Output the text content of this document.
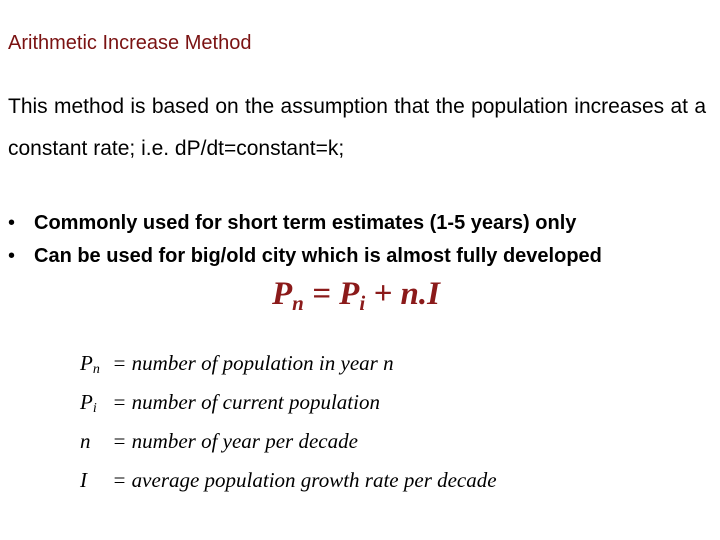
Arithmetic Increase Method
This method is based on the assumption that the population increases at a constant rate; i.e. dP/dt=constant=k;
• Commonly used for short term estimates (1-5 years) only
• Can be used for big/old city which is almost fully developed
$P_n = P_i + n.I$
$P_n$ = number of population in year n
$P_i$ = number of current population
n = number of year per decade
I = average population growth rate per decade
